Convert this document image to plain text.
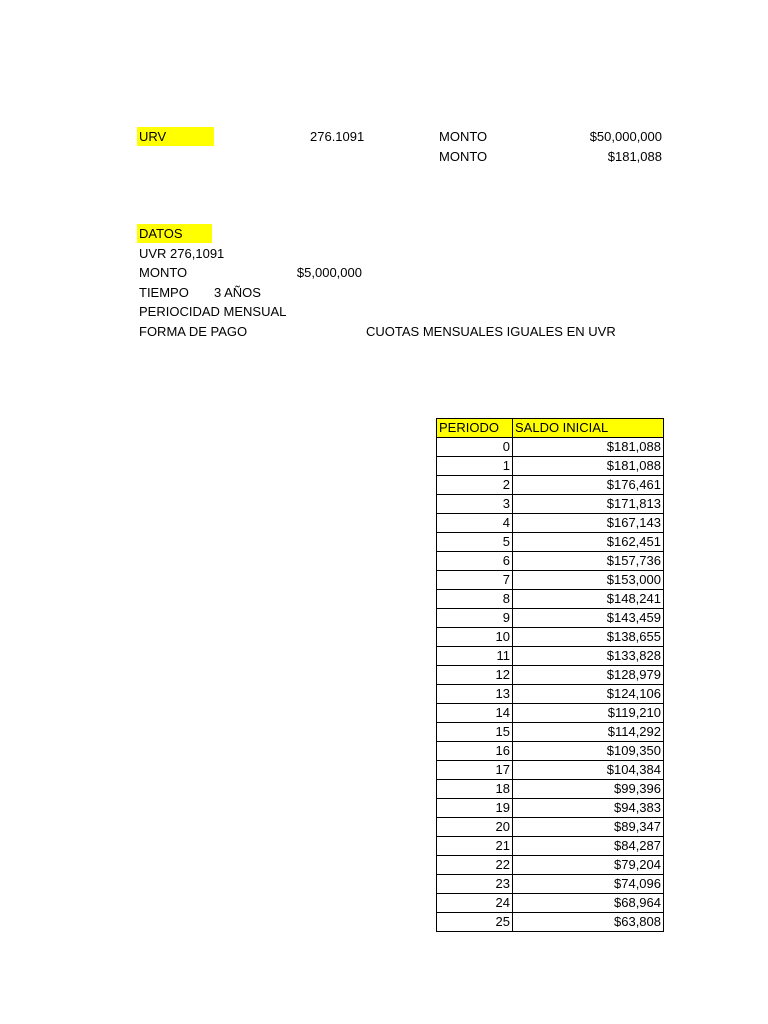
URV	276.1091	MONTO	$50,000,000
MONTO	$181,088
DATOS
UVR 276,1091
MONTO	$5,000,000
TIEMPO 3 AÑOS
PERIOCIDAD MENSUAL
FORMA DE PAGO	CUOTAS MENSUALES IGUALES EN UVR
PERIODO	SALDO INICIAL
0	$181,088
1	$181,088
2	$176,461
3	$171,813
4	$167,143
5	$162,451
6	$157,736
7	$153,000
8	$148,241
9	$143,459
10	$138,655
11	$133,828
12	$128,979
13	$124,106
14	$119,210
15	$114,292
16	$109,350
17	$104,384
18	$99,396
19	$94,383
20	$89,347
21	$84,287
22	$79,204
23	$74,096
24	$68,964
25	$63,808
